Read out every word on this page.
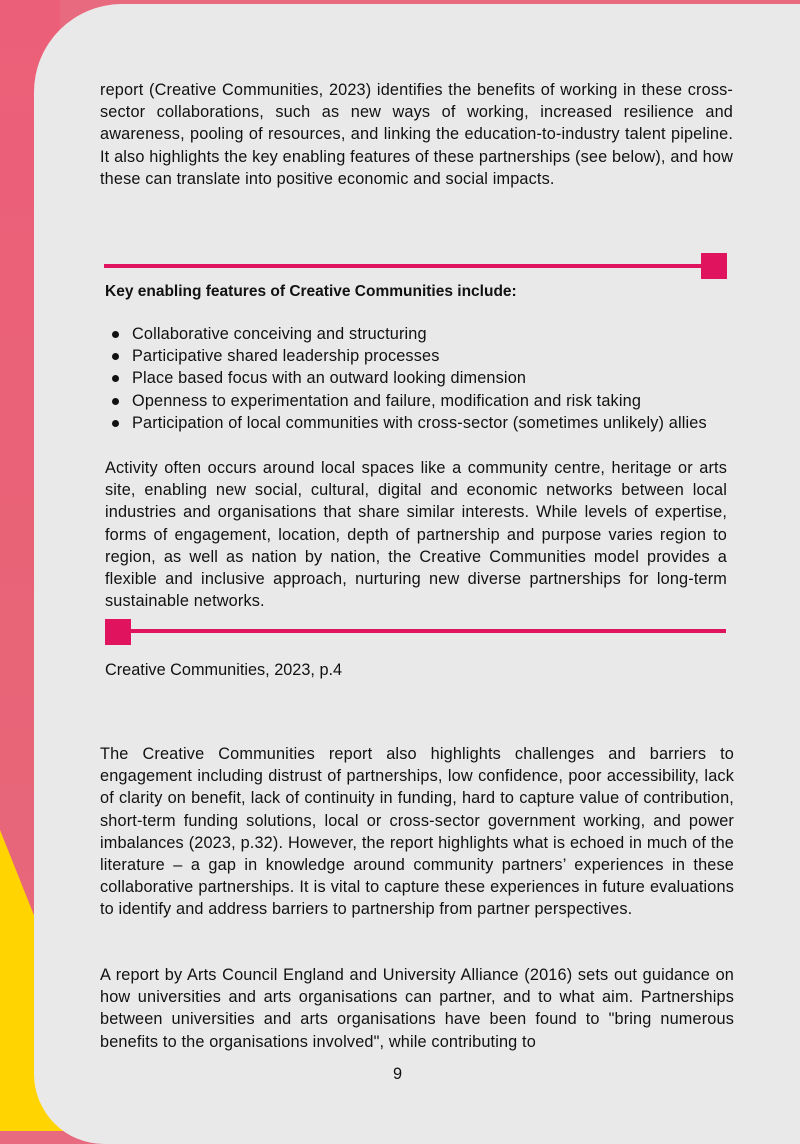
report (Creative Communities, 2023) identifies the benefits of working in these cross-sector collaborations, such as new ways of working, increased resilience and awareness, pooling of resources, and linking the education-to-industry talent pipeline. It also highlights the key enabling features of these partnerships (see below), and how these can translate into positive economic and social impacts.

Key enabling features of Creative Communities include:

Collaborative conceiving and structuring
Participative shared leadership processes
Place based focus with an outward looking dimension
Openness to experimentation and failure, modification and risk taking
Participation of local communities with cross-sector (sometimes unlikely) allies

Activity often occurs around local spaces like a community centre, heritage or arts site, enabling new social, cultural, digital and economic networks between local industries and organisations that share similar interests. While levels of expertise, forms of engagement, location, depth of partnership and purpose varies region to region, as well as nation by nation, the Creative Communities model provides a flexible and inclusive approach, nurturing new diverse partnerships for long-term sustainable networks.

Creative Communities, 2023, p.4

The Creative Communities report also highlights challenges and barriers to engagement including distrust of partnerships, low confidence, poor accessibility, lack of clarity on benefit, lack of continuity in funding, hard to capture value of contribution, short-term funding solutions, local or cross-sector government working, and power imbalances (2023, p.32). However, the report highlights what is echoed in much of the literature – a gap in knowledge around community partners’ experiences in these collaborative partnerships. It is vital to capture these experiences in future evaluations to identify and address barriers to partnership from partner perspectives.

A report by Arts Council England and University Alliance (2016) sets out guidance on how universities and arts organisations can partner, and to what aim. Partnerships between universities and arts organisations have been found to "bring numerous benefits to the organisations involved", while contributing to

9
